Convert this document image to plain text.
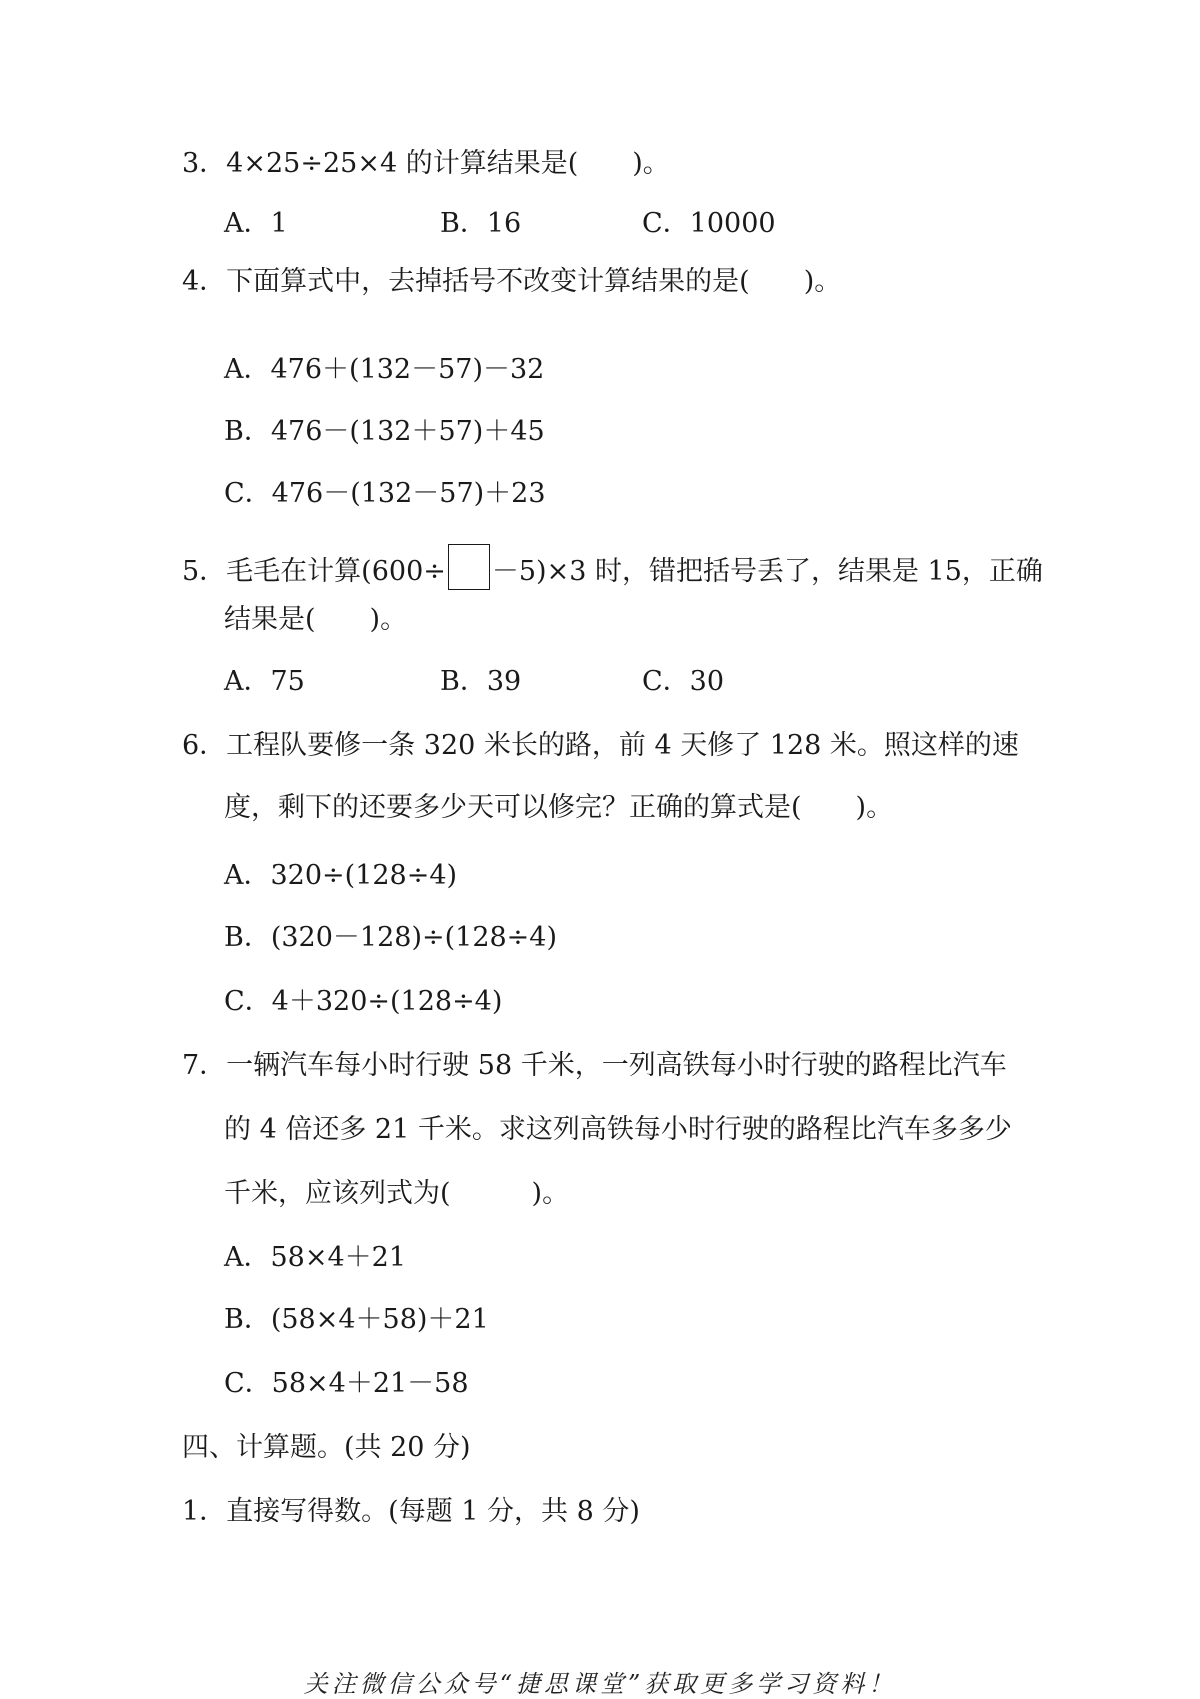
3．4×25÷25×4 的计算结果是(　　)。
A．1	B．16	C．10000
4．下面算式中，去掉括号不改变计算结果的是(　　)。
A．476＋(132－57)－32
B．476－(132＋57)＋45
C．476－(132－57)＋23
5．毛毛在计算(600÷ －5)×3 时，错把括号丢了，结果是 15，正确
结果是(　　)。
A．75	B．39	C．30
6．工程队要修一条 320 米长的路，前 4 天修了 128 米。照这样的速
度，剩下的还要多少天可以修完？正确的算式是(　　)。
A．320÷(128÷4)
B．(320－128)÷(128÷4)
C．4＋320÷(128÷4)
7．一辆汽车每小时行驶 58 千米，一列高铁每小时行驶的路程比汽车
的 4 倍还多 21 千米。求这列高铁每小时行驶的路程比汽车多多少
千米，应该列式为(　　　)。
A．58×4＋21
B．(58×4＋58)＋21
C．58×4＋21－58
四、计算题。(共 20 分)
1．直接写得数。(每题 1 分，共 8 分)
关注微信公众号“捷思课堂”获取更多学习资料！
